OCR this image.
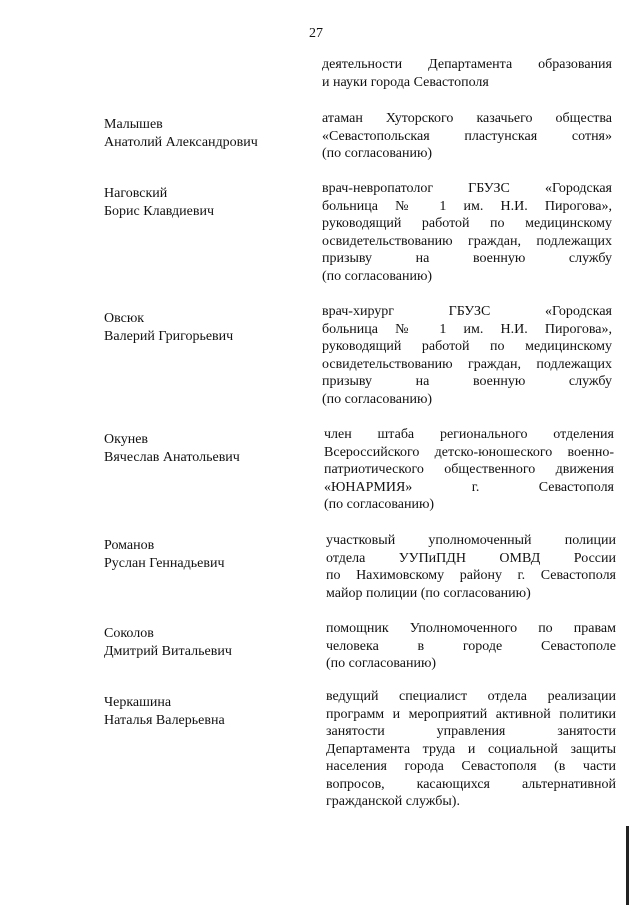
27
деятельности Департамента образования
и науки города Севастополя
Малышев
Анатолий Александрович
атаман Хуторского казачьего общества
«Севастопольская пластунская сотня»
(по согласованию)
Наговский
Борис Клавдиевич
врач-невропатолог ГБУЗС «Городская
больница № 1 им. Н.И. Пирогова»,
руководящий работой по медицинскому
освидетельствованию граждан, подлежащих
призыву на военную службу
(по согласованию)
Овсюк
Валерий Григорьевич
врач-хирург ГБУЗС «Городская
больница № 1 им. Н.И. Пирогова»,
руководящий работой по медицинскому
освидетельствованию граждан, подлежащих
призыву на военную службу
(по согласованию)
Окунев
Вячеслав Анатольевич
член штаба регионального отделения
Всероссийского детско-юношеского военно-
патриотического общественного движения
«ЮНАРМИЯ» г. Севастополя
(по согласованию)
Романов
Руслан Геннадьевич
участковый уполномоченный полиции
отдела УУПиПДН ОМВД России
по Нахимовскому району г. Севастополя
майор полиции (по согласованию)
Соколов
Дмитрий Витальевич
помощник Уполномоченного по правам
человека в городе Севастополе
(по согласованию)
Черкашина
Наталья Валерьевна
ведущий специалист отдела реализации
программ и мероприятий активной политики
занятости управления занятости
Департамента труда и социальной защиты
населения города Севастополя (в части
вопросов, касающихся альтернативной
гражданской службы).
